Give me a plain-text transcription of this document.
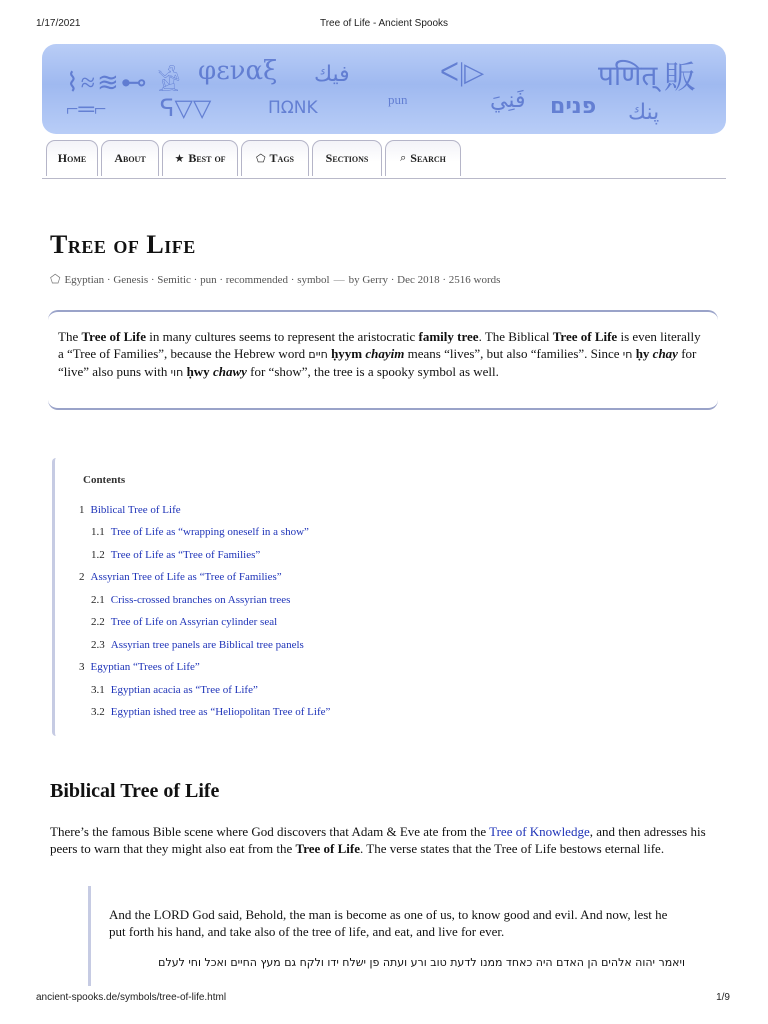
1/17/2021	Tree of Life - Ancient Spooks
⌇≈≋⊷ 𓀀 φεναξ فيك	ᐸ|▷	पणित् 販
⌐═⌐ ᕋ▽▽	ΠΩΝΚ	pun	فَنِيَ פנים پنك
Home About	★ Best of	⬠ Tags	Sections	⌕ Search
Tree of Life
⬠ Egyptian · Genesis · Semitic · pun · recommended · symbol — by Gerry · Dec 2018 · 2516 words
The Tree of Life in many cultures seems to represent the aristocratic family tree. The Biblical Tree of Life is even literally a “Tree of Families”, because the Hebrew word חיים ḥyym chayim means “lives”, but also “families”. Since חי ḥy chay for “live” also puns with חוי ḥwy chawy for “show”, the tree is a spooky symbol as well.
Contents
1 Biblical Tree of Life
1.1 Tree of Life as “wrapping oneself in a show”
1.2 Tree of Life as “Tree of Families”
2 Assyrian Tree of Life as “Tree of Families”
2.1 Criss-crossed branches on Assyrian trees
2.2 Tree of Life on Assyrian cylinder seal
2.3 Assyrian tree panels are Biblical tree panels
3 Egyptian “Trees of Life”
3.1 Egyptian acacia as “Tree of Life”
3.2 Egyptian ished tree as “Heliopolitan Tree of Life”
Biblical Tree of Life

There’s the famous Bible scene where God discovers that Adam & Eve ate from the Tree of Knowledge, and then adresses his peers to warn that they might also eat from the Tree of Life. The verse states that the Tree of Life bestows eternal life.

And the LORD God said, Behold, the man is become as one of us, to know good and evil. And now, lest he put forth his hand, and take also of the tree of life, and eat, and live for ever.
ויאמר יהוה אלהים הן האדם היה כאחד ממנו לדעת טוב ורע ועתה פן ישלח ידו ולקח גם מעץ החיים ואכל וחי לעלם
ancient-spooks.de/symbols/tree-of-life.html	1/9
